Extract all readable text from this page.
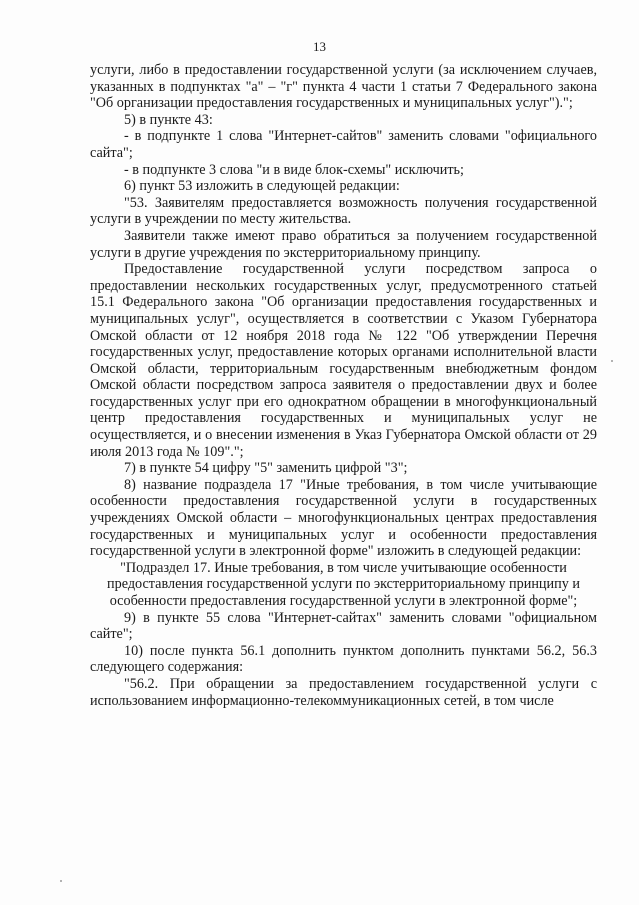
13

услуги, либо в предоставлении государственной услуги (за исключением случаев, указанных в подпунктах "а" – "г" пункта 4 части 1 статьи 7 Федерального закона "Об организации предоставления государственных и муниципальных услуг").";

5) в пункте 43:

- в подпункте 1 слова "Интернет-сайтов" заменить словами "официального сайта";

- в подпункте 3 слова "и в виде блок-схемы" исключить;

6) пункт 53 изложить в следующей редакции:

"53. Заявителям предоставляется возможность получения государственной услуги в учреждении по месту жительства.

Заявители также имеют право обратиться за получением государственной услуги в другие учреждения по экстерриториальному принципу.

Предоставление государственной услуги посредством запроса о предоставлении нескольких государственных услуг, предусмотренного статьей 15.1 Федерального закона "Об организации предоставления государственных и муниципальных услуг", осуществляется в соответствии с Указом Губернатора Омской области от 12 ноября 2018 года № 122 "Об утверждении Перечня государственных услуг, предоставление которых органами исполнительной власти Омской области, территориальным государственным внебюджетным фондом Омской области посредством запроса заявителя о предоставлении двух и более государственных услуг при его однократном обращении в многофункциональный центр предоставления государственных и муниципальных услуг не осуществляется, и о внесении изменения в Указ Губернатора Омской области от 29 июля 2013 года № 109".";

7) в пункте 54 цифру "5" заменить цифрой "3";

8) название подраздела 17 "Иные требования, в том числе учитывающие особенности предоставления государственной услуги в государственных учреждениях Омской области – многофункциональных центрах предоставления государственных и муниципальных услуг и особенности предоставления государственной услуги в электронной форме" изложить в следующей редакции:

"Подраздел 17. Иные требования, в том числе учитывающие особенности предоставления государственной услуги по экстерриториальному принципу и особенности предоставления государственной услуги в электронной форме";

9) в пункте 55 слова "Интернет-сайтах" заменить словами "официальном сайте";

10) после пункта 56.1 дополнить пунктом дополнить пунктами 56.2, 56.3 следующего содержания:

"56.2. При обращении за предоставлением государственной услуги с использованием информационно-телекоммуникационных сетей, в том числе
